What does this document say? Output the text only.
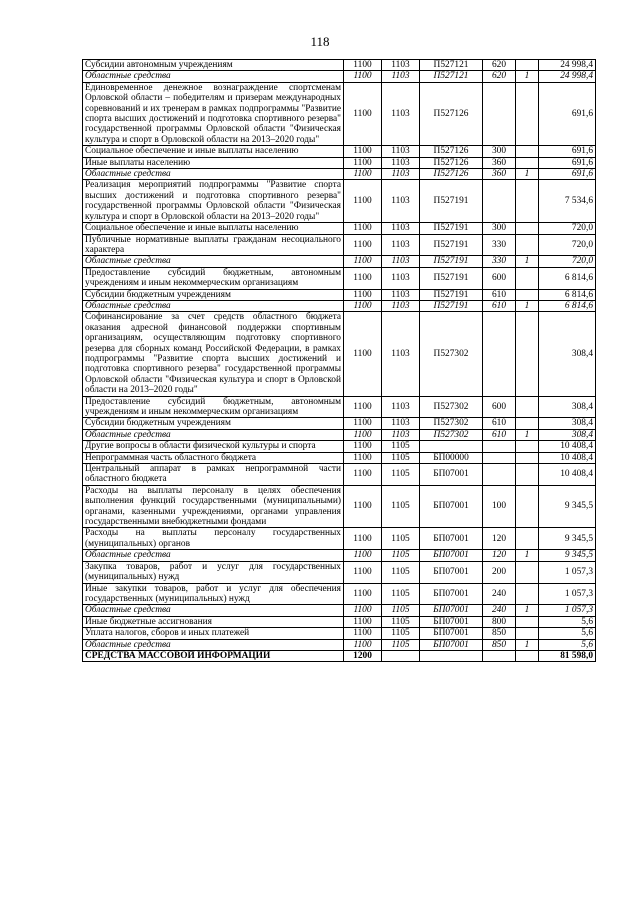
118
Субсидии автономным учреждениям	1100	1103	П527121	620		24 998,4
Областные средства	1100	1103	П527121	620	1	24 998,4
Единовременное денежное вознаграждение спортсменам Орловской области – победителям и призерам международных соревнований и их тренерам в рамках подпрограммы "Развитие спорта высших достижений и подготовка спортивного резерва" государственной программы Орловской области "Физическая культура и спорт в Орловской области на 2013–2020 годы"	1100	1103	П527126			691,6
Социальное обеспечение и иные выплаты населению	1100	1103	П527126	300		691,6
Иные выплаты населению	1100	1103	П527126	360		691,6
Областные средства	1100	1103	П527126	360	1	691,6
Реализация мероприятий подпрограммы "Развитие спорта высших достижений и подготовка спортивного резерва" государственной программы Орловской области "Физическая культура и спорт в Орловской области на 2013–2020 годы"	1100	1103	П527191			7 534,6
Социальное обеспечение и иные выплаты населению	1100	1103	П527191	300		720,0
Публичные нормативные выплаты гражданам несоциального характера	1100	1103	П527191	330		720,0
Областные средства	1100	1103	П527191	330	1	720,0
Предоставление субсидий бюджетным, автономным учреждениям и иным некоммерческим организациям	1100	1103	П527191	600		6 814,6
Субсидии бюджетным учреждениям	1100	1103	П527191	610		6 814,6
Областные средства	1100	1103	П527191	610	1	6 814,6
Софинансирование за счет средств областного бюджета оказания адресной финансовой поддержки спортивным организациям, осуществляющим подготовку спортивного резерва для сборных команд Российской Федерации, в рамках подпрограммы "Развитие спорта высших достижений и подготовка спортивного резерва" государственной программы Орловской области "Физическая культура и спорт в Орловской области на 2013–2020 годы"	1100	1103	П527302			308,4
Предоставление субсидий бюджетным, автономным учреждениям и иным некоммерческим организациям	1100	1103	П527302	600		308,4
Субсидии бюджетным учреждениям	1100	1103	П527302	610		308,4
Областные средства	1100	1103	П527302	610	1	308,4
Другие вопросы в области физической культуры и спорта	1100	1105				10 408,4
Непрограммная часть областного бюджета	1100	1105	БП00000			10 408,4
Центральный аппарат в рамках непрограммной части областного бюджета	1100	1105	БП07001			10 408,4
Расходы на выплаты персоналу в целях обеспечения выполнения функций государственными (муниципальными) органами, казенными учреждениями, органами управления государственными внебюджетными фондами	1100	1105	БП07001	100		9 345,5
Расходы на выплаты персоналу государственных (муниципальных) органов	1100	1105	БП07001	120		9 345,5
Областные средства	1100	1105	БП07001	120	1	9 345,5
Закупка товаров, работ и услуг для государственных (муниципальных) нужд	1100	1105	БП07001	200		1 057,3
Иные закупки товаров, работ и услуг для обеспечения государственных (муниципальных) нужд	1100	1105	БП07001	240		1 057,3
Областные средства	1100	1105	БП07001	240	1	1 057,3
Иные бюджетные ассигнования	1100	1105	БП07001	800		5,6
Уплата налогов, сборов и иных платежей	1100	1105	БП07001	850		5,6
Областные средства	1100	1105	БП07001	850	1	5,6
СРЕДСТВА МАССОВОЙ ИНФОРМАЦИИ	1200					81 598,0
